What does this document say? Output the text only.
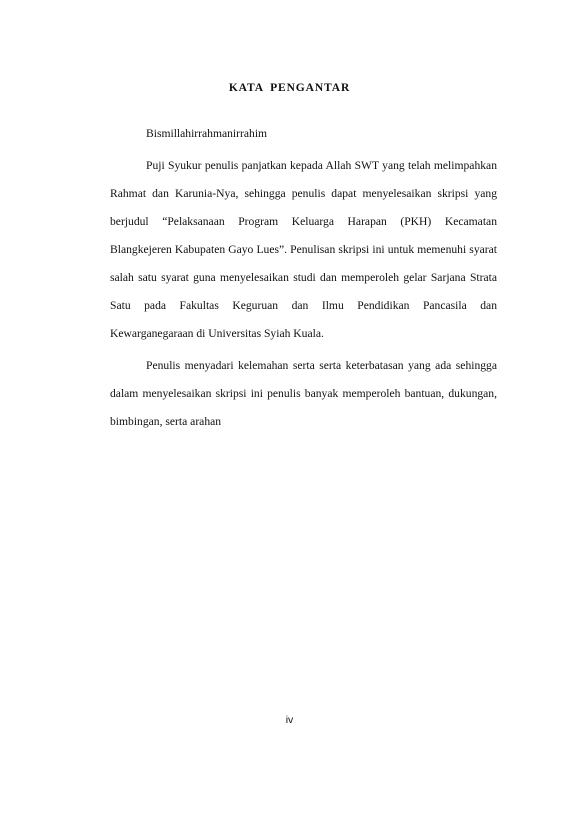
KATA PENGANTAR

Bismillahirrahmanirrahim

Puji Syukur penulis panjatkan kepada Allah SWT yang telah melimpahkan Rahmat dan Karunia-Nya, sehingga penulis dapat menyelesaikan skripsi yang berjudul “Pelaksanaan Program Keluarga Harapan (PKH) Kecamatan Blangkejeren Kabupaten Gayo Lues”. Penulisan skripsi ini untuk memenuhi syarat salah satu syarat guna menyelesaikan studi dan memperoleh gelar Sarjana Strata Satu pada Fakultas Keguruan dan Ilmu Pendidikan Pancasila dan Kewarganegaraan di Universitas Syiah Kuala.

Penulis menyadari kelemahan serta serta keterbatasan yang ada sehingga dalam menyelesaikan skripsi ini penulis banyak memperoleh bantuan, dukungan, bimbingan, serta arahan

iv
